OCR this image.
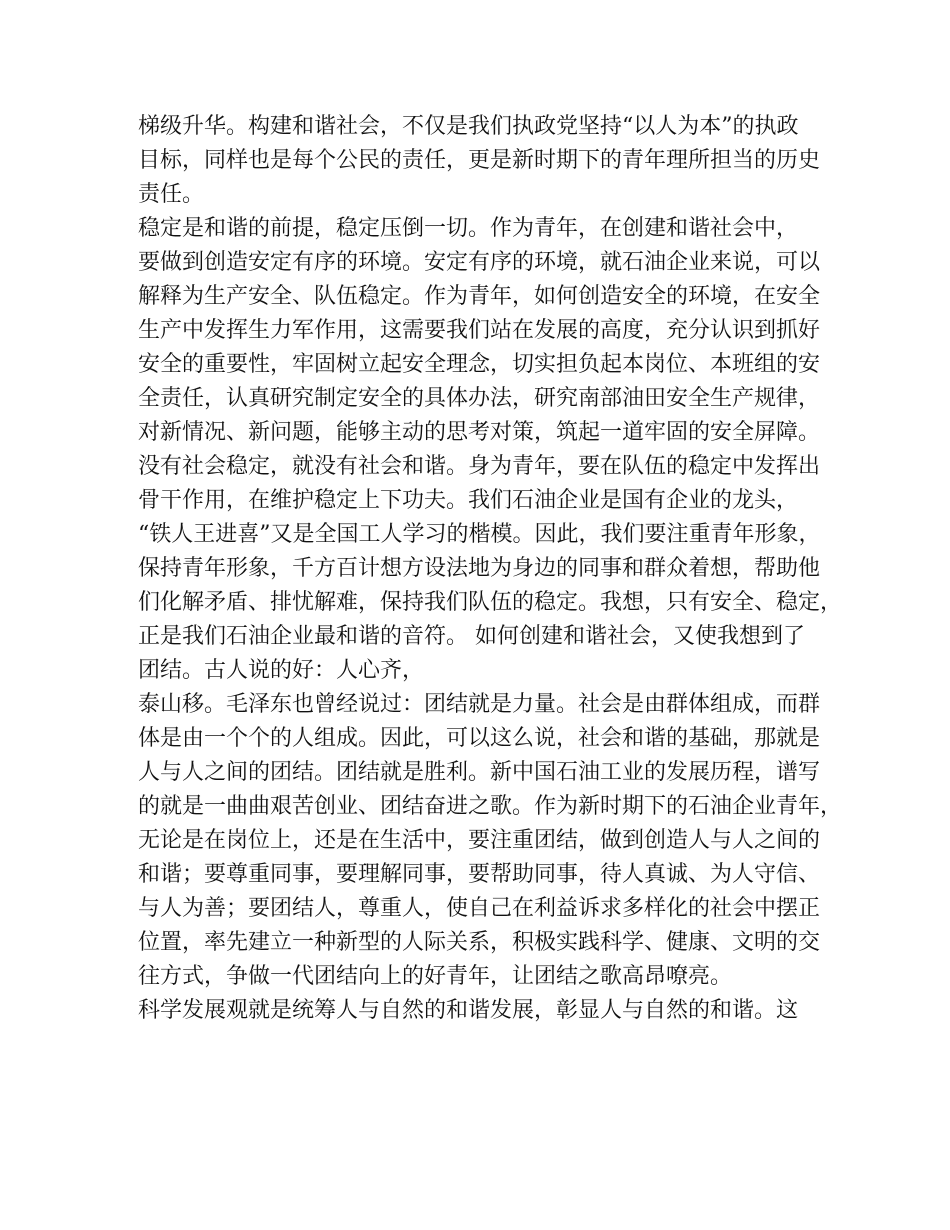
梯级升华。构建和谐社会，不仅是我们执政党坚持“以人为本”的执政
目标，同样也是每个公民的责任，更是新时期下的青年理所担当的历史
责任。
稳定是和谐的前提，稳定压倒一切。作为青年，在创建和谐社会中，
要做到创造安定有序的环境。安定有序的环境，就石油企业来说，可以
解释为生产安全、队伍稳定。作为青年，如何创造安全的环境，在安全
生产中发挥生力军作用，这需要我们站在发展的高度，充分认识到抓好
安全的重要性，牢固树立起安全理念，切实担负起本岗位、本班组的安
全责任，认真研究制定安全的具体办法，研究南部油田安全生产规律，
对新情况、新问题，能够主动的思考对策，筑起一道牢固的安全屏障。
没有社会稳定，就没有社会和谐。身为青年，要在队伍的稳定中发挥出
骨干作用，在维护稳定上下功夫。我们石油企业是国有企业的龙头，
“铁人王进喜”又是全国工人学习的楷模。因此，我们要注重青年形象，
保持青年形象，千方百计想方设法地为身边的同事和群众着想，帮助他
们化解矛盾、排忧解难，保持我们队伍的稳定。我想，只有安全、稳定，
正是我们石油企业最和谐的音符。 如何创建和谐社会，又使我想到了
团结。古人说的好：人心齐，
泰山移。毛泽东也曾经说过：团结就是力量。社会是由群体组成，而群
体是由一个个的人组成。因此，可以这么说，社会和谐的基础，那就是
人与人之间的团结。团结就是胜利。新中国石油工业的发展历程，谱写
的就是一曲曲艰苦创业、团结奋进之歌。作为新时期下的石油企业青年，
无论是在岗位上，还是在生活中，要注重团结，做到创造人与人之间的
和谐；要尊重同事，要理解同事，要帮助同事，待人真诚、为人守信、
与人为善；要团结人，尊重人，使自己在利益诉求多样化的社会中摆正
位置，率先建立一种新型的人际关系，积极实践科学、健康、文明的交
往方式，争做一代团结向上的好青年，让团结之歌高昂嘹亮。
科学发展观就是统筹人与自然的和谐发展，彰显人与自然的和谐。这
